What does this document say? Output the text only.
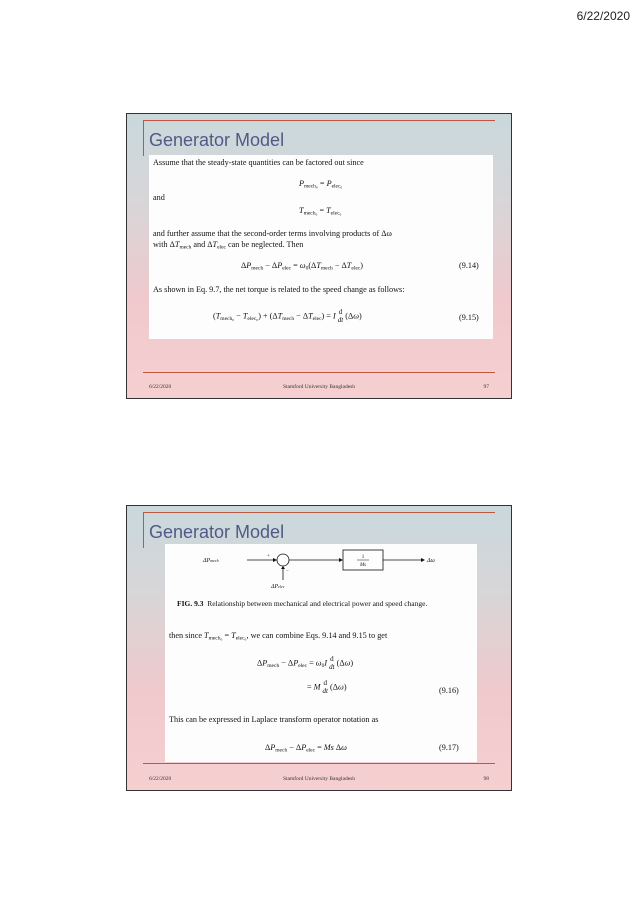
6/22/2020
Generator Model
Assume that the steady-state quantities can be factored out since
$P_{mech_0} = P_{elec_0}$
and
$T_{mech_0} = T_{elec_0}$
and further assume that the second-order terms involving products of Δω
with $\Delta T_{mech}$ and $\Delta T_{elec}$ can be neglected. Then
$\Delta P_{mech} - \Delta P_{elec} = \omega_0(\Delta T_{mech} - \Delta T_{elec})$	(9.14)
As shown in Eq. 9.7, the net torque is related to the speed change as follows:
$(T_{mech_0} - T_{elec_0}) + (\Delta T_{mech} - \Delta T_{elec}) = I$ d
dt (Δω)	(9.15)
6/22/2020	Stamford University Bangladesh	97
Generator Model
ΔPmech
+
−
ΔPelec
1
Ms
Δω
FIG. 9.3 Relationship between mechanical and electrical power and speed change.
then since $T_{mech_0} = T_{elec_0}$, we can combine Eqs. 9.14 and 9.15 to get
$\Delta P_{mech} - \Delta P_{elec} = \omega_0I$ d
dt (Δω)
= M d
dt (Δω)	(9.16)
This can be expressed in Laplace transform operator notation as
$\Delta P_{mech} - \Delta P_{elec} = Ms$ Δω	(9.17)
6/22/2020	Stamford University Bangladesh	98
